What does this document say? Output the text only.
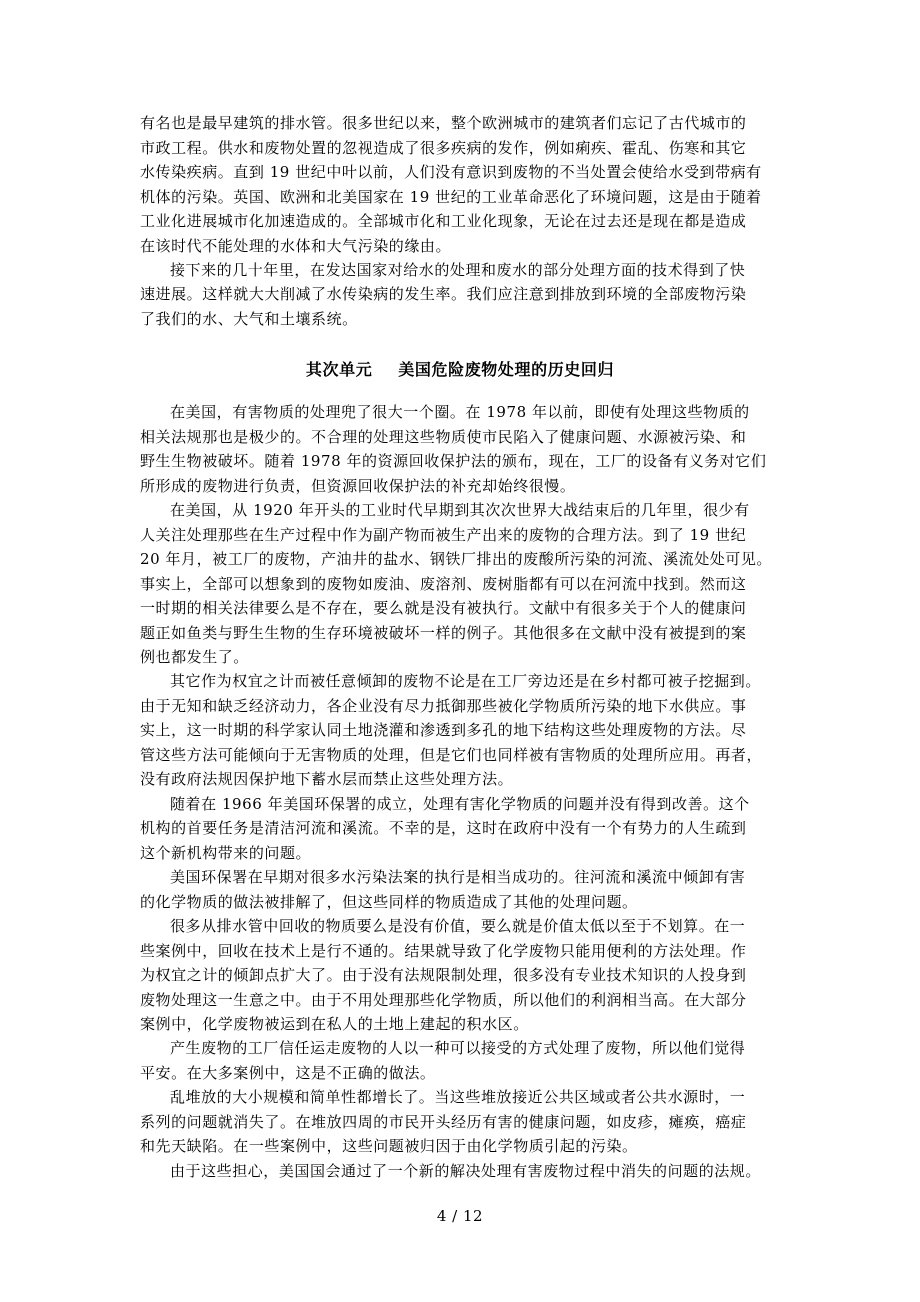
有名也是最早建筑的排水管。很多世纪以来，整个欧洲城市的建筑者们忘记了古代城市的
市政工程。供水和废物处置的忽视造成了很多疾病的发作，例如痢疾、霍乱、伤寒和其它
水传染疾病。直到 19 世纪中叶以前，人们没有意识到废物的不当处置会使给水受到带病有
机体的污染。英国、欧洲和北美国家在 19 世纪的工业革命恶化了环境问题，这是由于随着
工业化进展城市化加速造成的。全部城市化和工业化现象，无论在过去还是现在都是造成
在该时代不能处理的水体和大气污染的缘由。
接下来的几十年里，在发达国家对给水的处理和废水的部分处理方面的技术得到了快
速进展。这样就大大削减了水传染病的发生率。我们应注意到排放到环境的全部废物污染
了我们的水、大气和土壤系统。
其次单元 美国危险废物处理的历史回归
在美国，有害物质的处理兜了很大一个圈。在 1978 年以前，即使有处理这些物质的
相关法规那也是极少的。不合理的处理这些物质使市民陷入了健康问题、水源被污染、和
野生生物被破坏。随着 1978 年的资源回收保护法的颁布，现在，工厂的设备有义务对它们
所形成的废物进行负责，但资源回收保护法的补充却始终很慢。
在美国，从 1920 年开头的工业时代早期到其次次世界大战结束后的几年里，很少有
人关注处理那些在生产过程中作为副产物而被生产出来的废物的合理方法。到了 19 世纪
20 年月，被工厂的废物，产油井的盐水、钢铁厂排出的废酸所污染的河流、溪流处处可见。
事实上，全部可以想象到的废物如废油、废溶剂、废树脂都有可以在河流中找到。然而这
一时期的相关法律要么是不存在，要么就是没有被执行。文献中有很多关于个人的健康问
题正如鱼类与野生生物的生存环境被破坏一样的例子。其他很多在文献中没有被提到的案
例也都发生了。
其它作为权宜之计而被任意倾卸的废物不论是在工厂旁边还是在乡村都可被子挖掘到。
由于无知和缺乏经济动力，各企业没有尽力抵御那些被化学物质所污染的地下水供应。事
实上，这一时期的科学家认同土地浇灌和渗透到多孔的地下结构这些处理废物的方法。尽
管这些方法可能倾向于无害物质的处理，但是它们也同样被有害物质的处理所应用。再者，
没有政府法规因保护地下蓄水层而禁止这些处理方法。
随着在 1966 年美国环保署的成立，处理有害化学物质的问题并没有得到改善。这个
机构的首要任务是清洁河流和溪流。不幸的是，这时在政府中没有一个有势力的人生疏到
这个新机构带来的问题。
美国环保署在早期对很多水污染法案的执行是相当成功的。往河流和溪流中倾卸有害
的化学物质的做法被排解了，但这些同样的物质造成了其他的处理问题。
很多从排水管中回收的物质要么是没有价值，要么就是价值太低以至于不划算。在一
些案例中，回收在技术上是行不通的。结果就导致了化学废物只能用便利的方法处理。作
为权宜之计的倾卸点扩大了。由于没有法规限制处理，很多没有专业技术知识的人投身到
废物处理这一生意之中。由于不用处理那些化学物质，所以他们的利润相当高。在大部分
案例中，化学废物被运到在私人的土地上建起的积水区。
产生废物的工厂信任运走废物的人以一种可以接受的方式处理了废物，所以他们觉得
平安。在大多案例中，这是不正确的做法。
乱堆放的大小规模和简单性都增长了。当这些堆放接近公共区域或者公共水源时，一
系列的问题就消失了。在堆放四周的市民开头经历有害的健康问题，如皮疹，瘫痪，癌症
和先天缺陷。在一些案例中，这些问题被归因于由化学物质引起的污染。
由于这些担心，美国国会通过了一个新的解决处理有害废物过程中消失的问题的法规。
4 / 12
